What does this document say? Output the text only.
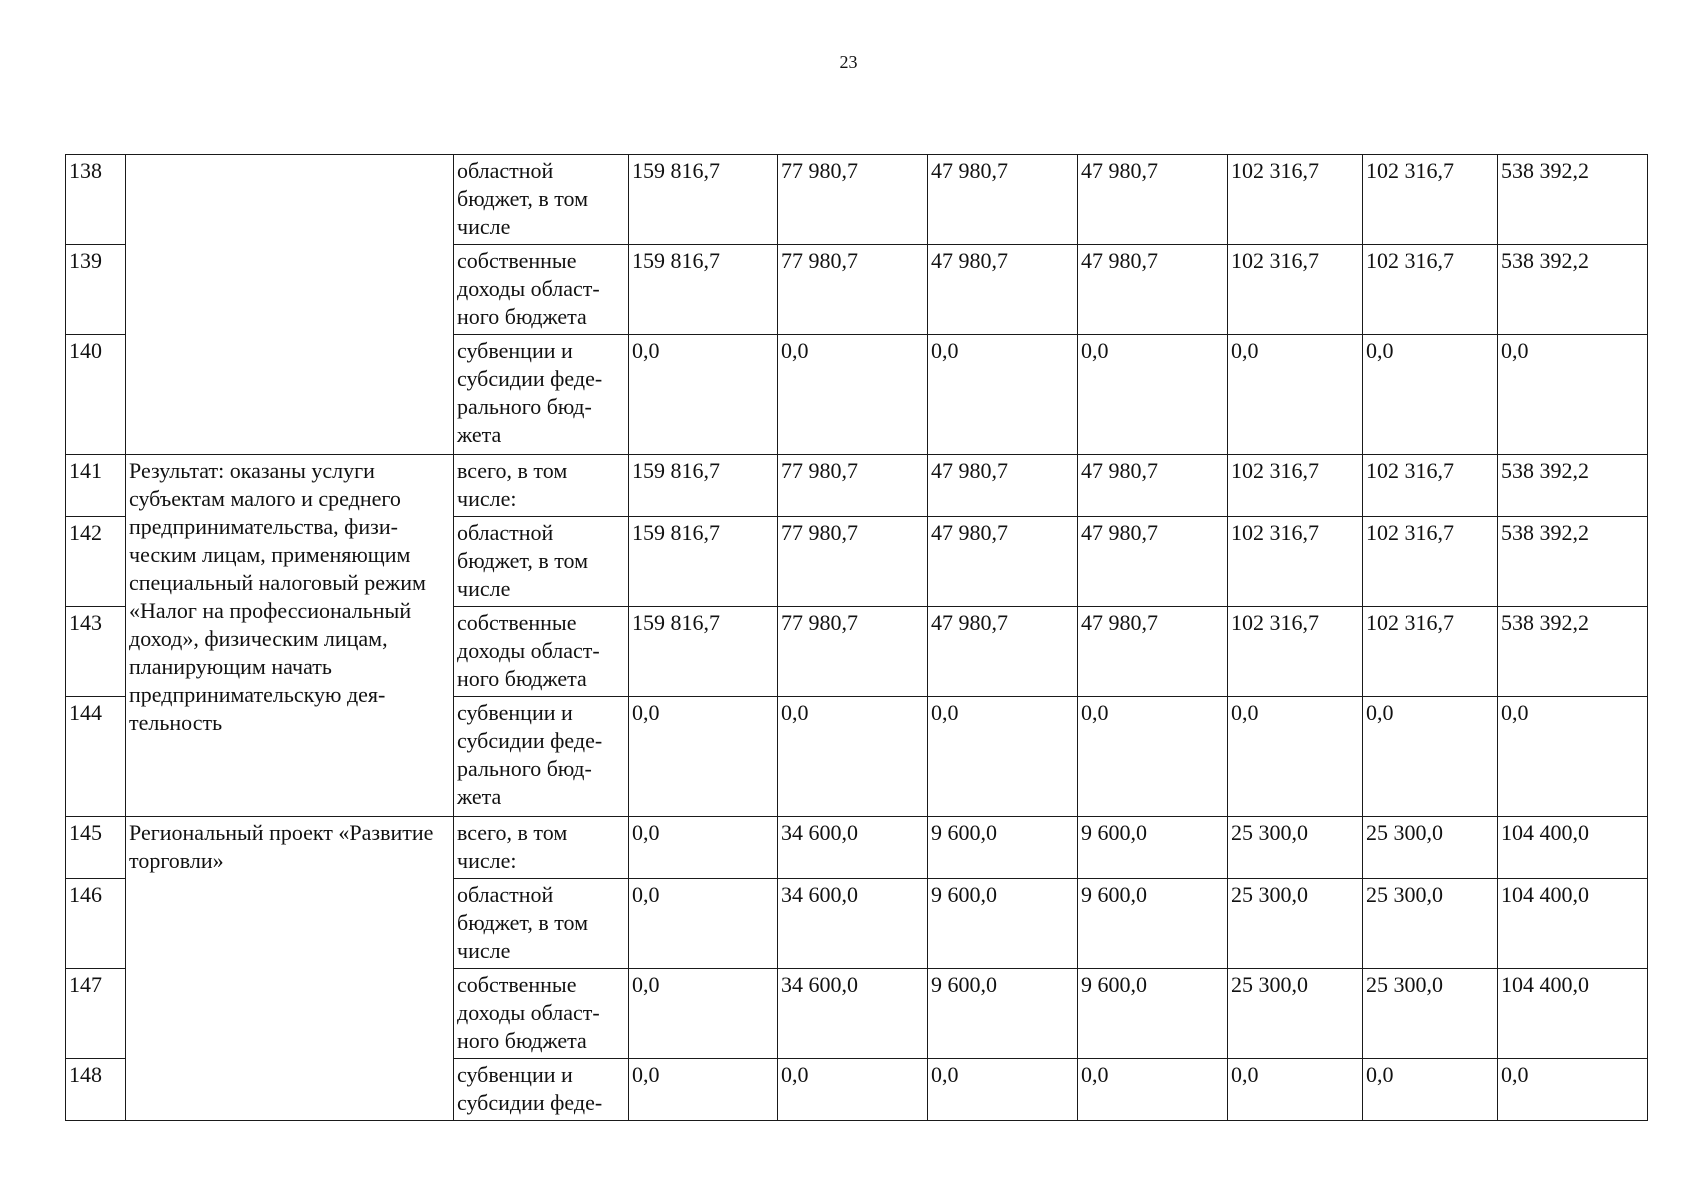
23
138		областной бюджет, в том числе	159 816,7	77 980,7	47 980,7	47 980,7	102 316,7	102 316,7	538 392,2
139		собственные доходы областного бюджета	159 816,7	77 980,7	47 980,7	47 980,7	102 316,7	102 316,7	538 392,2
140		субвенции и субсидии федерального бюджета	0,0	0,0	0,0	0,0	0,0	0,0	0,0
141	Результат: оказаны услуги субъектам малого и среднего предпринимательства, физическим лицам, применяющим специальный налоговый режим «Налог на профессиональный доход», физическим лицам, планирующим начать предпринимательскую деятельность	всего, в том числе:	159 816,7	77 980,7	47 980,7	47 980,7	102 316,7	102 316,7	538 392,2
142		областной бюджет, в том числе	159 816,7	77 980,7	47 980,7	47 980,7	102 316,7	102 316,7	538 392,2
143		собственные доходы областного бюджета	159 816,7	77 980,7	47 980,7	47 980,7	102 316,7	102 316,7	538 392,2
144		субвенции и субсидии федерального бюджета	0,0	0,0	0,0	0,0	0,0	0,0	0,0
145	Региональный проект «Развитие торговли»	всего, в том числе:	0,0	34 600,0	9 600,0	9 600,0	25 300,0	25 300,0	104 400,0
146		областной бюджет, в том числе	0,0	34 600,0	9 600,0	9 600,0	25 300,0	25 300,0	104 400,0
147		собственные доходы областного бюджета	0,0	34 600,0	9 600,0	9 600,0	25 300,0	25 300,0	104 400,0
148		субвенции и субсидии феде-	0,0	0,0	0,0	0,0	0,0	0,0	0,0
